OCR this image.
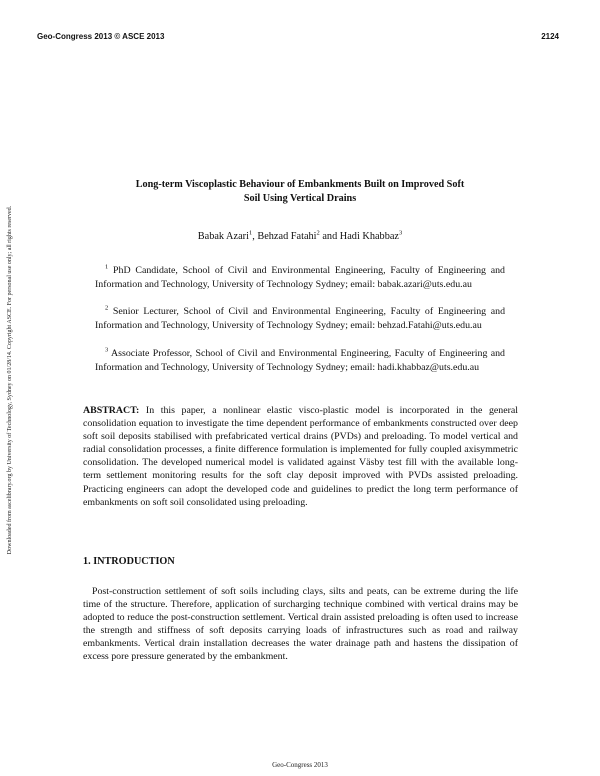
Geo-Congress 2013 © ASCE 2013	2124
Downloaded from ascelibrary.org by University of Technology, Sydney on 01/28/14. Copyright ASCE. For personal use only; all rights reserved.
Long-term Viscoplastic Behaviour of Embankments Built on Improved Soft
Soil Using Vertical Drains
Babak Azari$^1$, Behzad Fatahi$^2$ and Hadi Khabbaz$^3$
$^1$ PhD Candidate, School of Civil and Environmental Engineering, Faculty of Engineering and Information and Technology, University of Technology Sydney; email: babak.azari@uts.edu.au
$^2$ Senior Lecturer, School of Civil and Environmental Engineering, Faculty of Engineering and Information and Technology, University of Technology Sydney; email: behzad.Fatahi@uts.edu.au
$^3$ Associate Professor, School of Civil and Environmental Engineering, Faculty of Engineering and Information and Technology, University of Technology Sydney; email: hadi.khabbaz@uts.edu.au
ABSTRACT: In this paper, a nonlinear elastic visco-plastic model is incorporated in the general consolidation equation to investigate the time dependent performance of embankments constructed over deep soft soil deposits stabilised with prefabricated vertical drains (PVDs) and preloading. To model vertical and radial consolidation processes, a finite difference formulation is implemented for fully coupled axisymmetric consolidation. The developed numerical model is validated against Väsby test fill with the available long-term settlement monitoring results for the soft clay deposit improved with PVDs assisted preloading. Practicing engineers can adopt the developed code and guidelines to predict the long term performance of embankments on soft soil consolidated using preloading.
1. INTRODUCTION
Post-construction settlement of soft soils including clays, silts and peats, can be extreme during the life time of the structure. Therefore, application of surcharging technique combined with vertical drains may be adopted to reduce the post-construction settlement. Vertical drain assisted preloading is often used to increase the strength and stiffness of soft deposits carrying loads of infrastructures such as road and railway embankments. Vertical drain installation decreases the water drainage path and hastens the dissipation of excess pore pressure generated by the embankment.
Geo-Congress 2013
